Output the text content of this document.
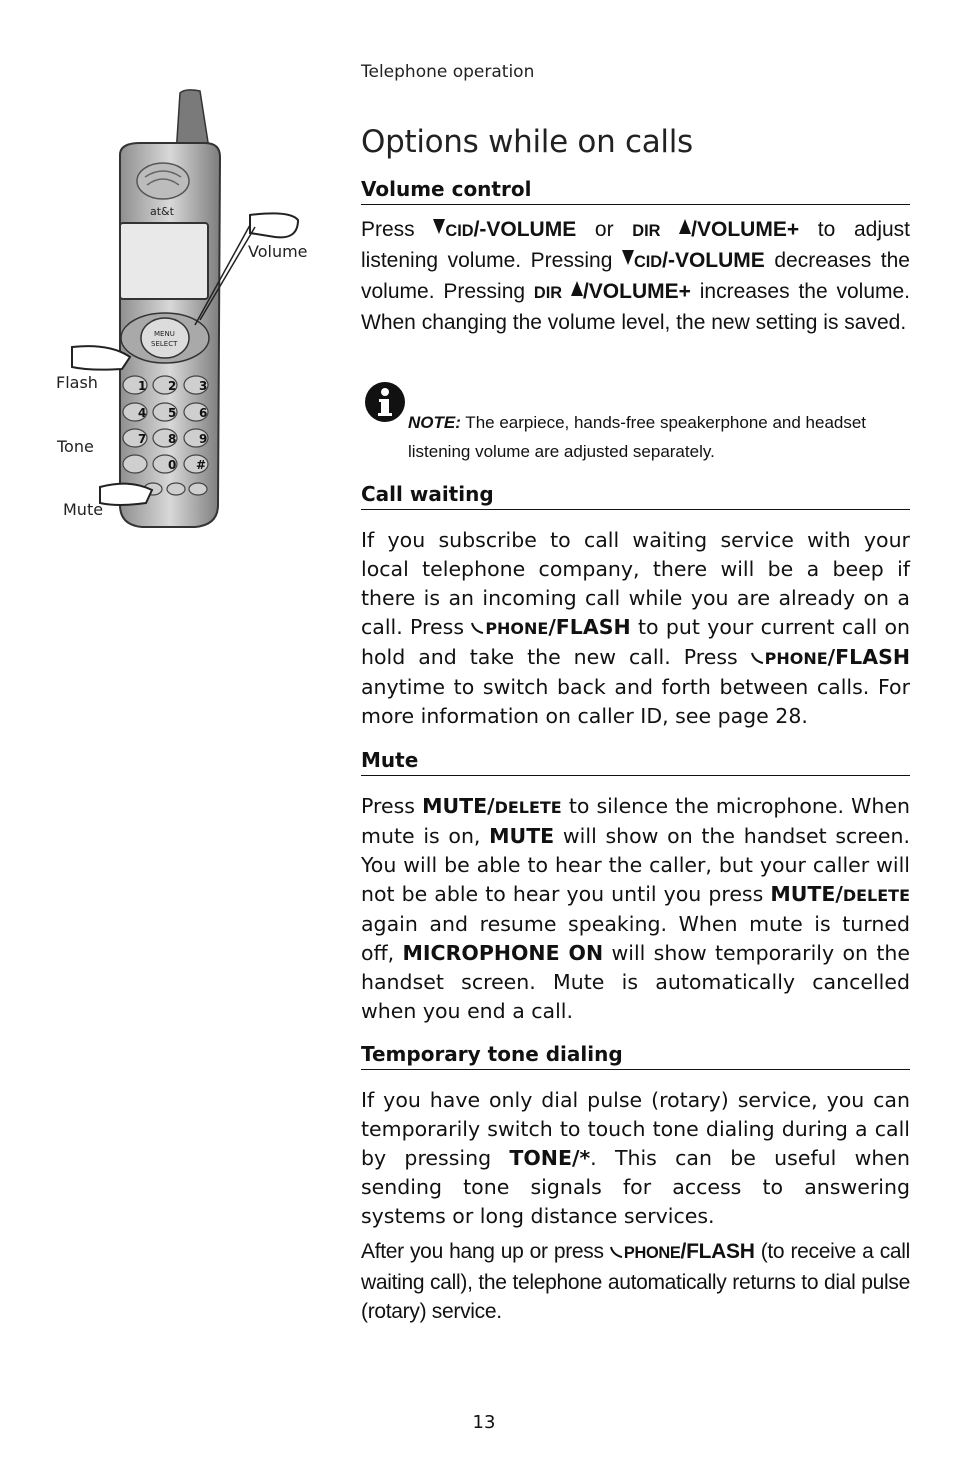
Telephone operation
Options while on calls
at&t
MENU
SELECT
1 2 3
4 5 6
7 8 9
0 #
Volume
Flash
Tone
Mute
Volume control

Press CID/-VOLUME or DIR /VOLUME+ to adjust listening volume. Pressing CID/-VOLUME decreases the volume. Pressing DIR /VOLUME+ increases the volume. When changing the volume level, the new setting is saved.

NOTE: The earpiece, hands-free speakerphone and headset listening volume are adjusted separately.

Call waiting

If you subscribe to call waiting service with your local telephone company, there will be a beep if there is an incoming call while you are already on a call. Press PHONE/FLASH to put your current call on hold and take the new call. Press PHONE/FLASH anytime to switch back and forth between calls. For more information on caller ID, see page 28.

Mute

Press MUTE/DELETE to silence the microphone. When mute is on, MUTE will show on the handset screen. You will be able to hear the caller, but your caller will not be able to hear you until you press MUTE/DELETE again and resume speaking. When mute is turned off, MICROPHONE ON will show temporarily on the handset screen. Mute is automatically cancelled when you end a call.

Temporary tone dialing

If you have only dial pulse (rotary) service, you can temporarily switch to touch tone dialing during a call by pressing TONE/*. This can be useful when sending tone signals for access to answering systems or long distance services.

After you hang up or press PHONE/FLASH (to receive a call waiting call), the telephone automatically returns to dial pulse (rotary) service.

13
